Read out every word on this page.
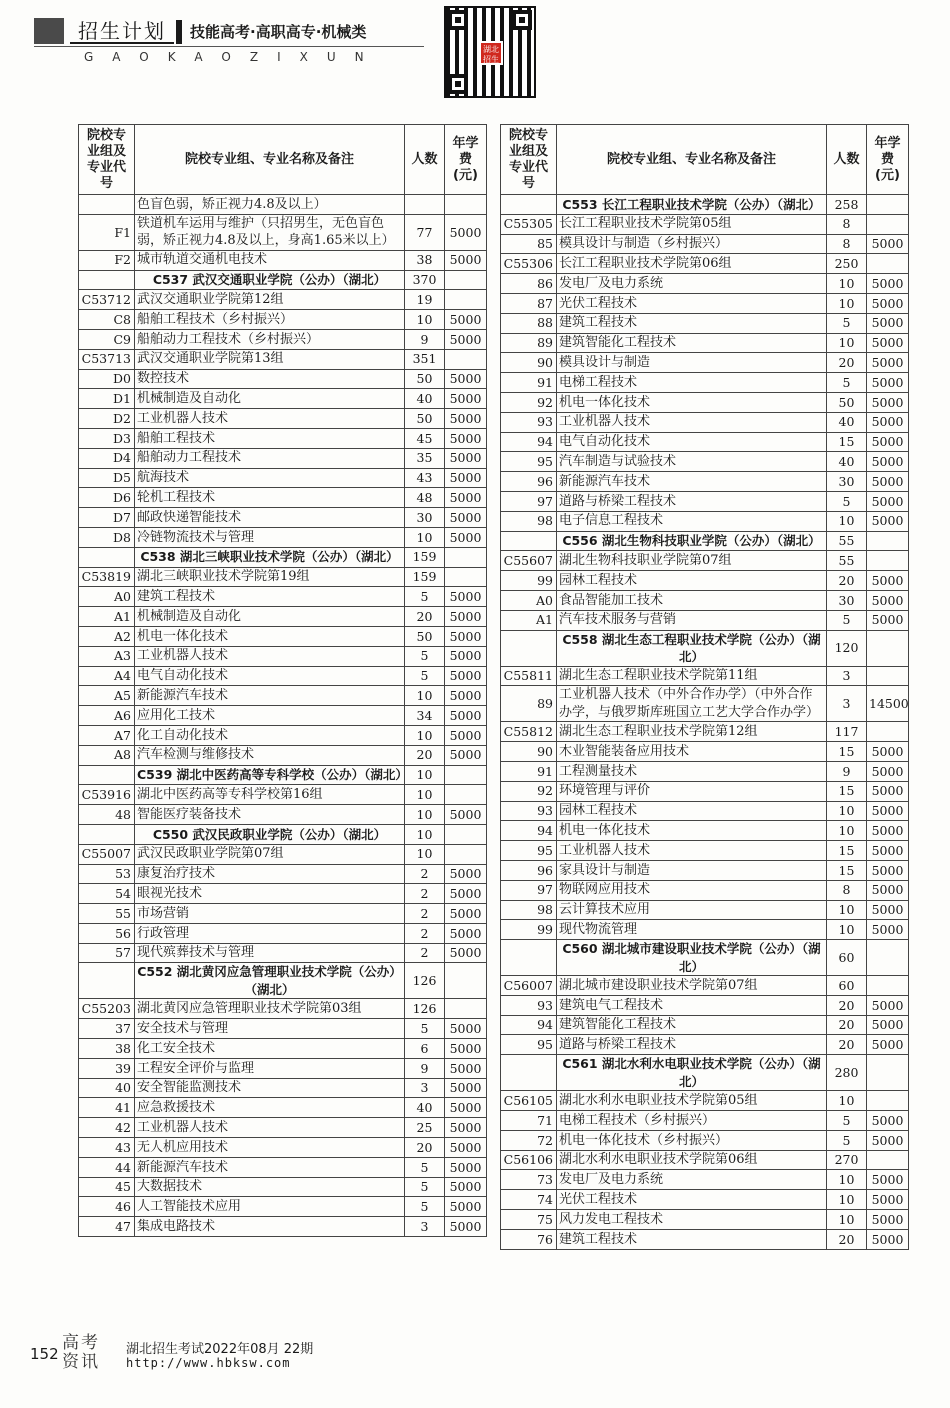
招生计划	技能高考·高职高专·机械类
GAOKAOZIXUN
湖北 招生
院校专业组及专业代号	院校专业组、专业名称及备注	人数	年学费(元)
	色盲色弱，矫正视力4.8及以上）		
F1	铁道机车运用与维护（只招男生，无色盲色弱，矫正视力4.8及以上，身高1.65米以上）	77	5000
F2	城市轨道交通机电技术	38	5000
	C537 武汉交通职业学院（公办）（湖北）	370	
C53712	武汉交通职业学院第12组	19	
C8	船舶工程技术（乡村振兴）	10	5000
C9	船舶动力工程技术（乡村振兴）	9	5000
C53713	武汉交通职业学院第13组	351	
D0	数控技术	50	5000
D1	机械制造及自动化	40	5000
D2	工业机器人技术	50	5000
D3	船舶工程技术	45	5000
D4	船舶动力工程技术	35	5000
D5	航海技术	43	5000
D6	轮机工程技术	48	5000
D7	邮政快递智能技术	30	5000
D8	冷链物流技术与管理	10	5000
	C538 湖北三峡职业技术学院（公办）（湖北）	159	
C53819	湖北三峡职业技术学院第19组	159	
A0	建筑工程技术	5	5000
A1	机械制造及自动化	20	5000
A2	机电一体化技术	50	5000
A3	工业机器人技术	5	5000
A4	电气自动化技术	5	5000
A5	新能源汽车技术	10	5000
A6	应用化工技术	34	5000
A7	化工自动化技术	10	5000
A8	汽车检测与维修技术	20	5000
	C539 湖北中医药高等专科学校（公办）（湖北）	10	
C53916	湖北中医药高等专科学校第16组	10	
48	智能医疗装备技术	10	5000
	C550 武汉民政职业学院（公办）（湖北）	10	
C55007	武汉民政职业学院第07组	10	
53	康复治疗技术	2	5000
54	眼视光技术	2	5000
55	市场营销	2	5000
56	行政管理	2	5000
57	现代殡葬技术与管理	2	5000
	C552 湖北黄冈应急管理职业技术学院（公办）（湖北）	126	
C55203	湖北黄冈应急管理职业技术学院第03组	126	
37	安全技术与管理	5	5000
38	化工安全技术	6	5000
39	工程安全评价与监理	9	5000
40	安全智能监测技术	3	5000
41	应急救援技术	40	5000
42	工业机器人技术	25	5000
43	无人机应用技术	20	5000
44	新能源汽车技术	5	5000
45	大数据技术	5	5000
46	人工智能技术应用	5	5000
47	集成电路技术	3	5000
院校专业组及专业代号	院校专业组、专业名称及备注	人数	年学费(元)
	C553 长江工程职业技术学院（公办）（湖北）	258	
C55305	长江工程职业技术学院第05组	8	
85	模具设计与制造（乡村振兴）	8	5000
C55306	长江工程职业技术学院第06组	250	
86	发电厂及电力系统	10	5000
87	光伏工程技术	10	5000
88	建筑工程技术	5	5000
89	建筑智能化工程技术	10	5000
90	模具设计与制造	20	5000
91	电梯工程技术	5	5000
92	机电一体化技术	50	5000
93	工业机器人技术	40	5000
94	电气自动化技术	15	5000
95	汽车制造与试验技术	40	5000
96	新能源汽车技术	30	5000
97	道路与桥梁工程技术	5	5000
98	电子信息工程技术	10	5000
	C556 湖北生物科技职业学院（公办）（湖北）	55	
C55607	湖北生物科技职业学院第07组	55	
99	园林工程技术	20	5000
A0	食品智能加工技术	30	5000
A1	汽车技术服务与营销	5	5000
	C558 湖北生态工程职业技术学院（公办）（湖北）	120	
C55811	湖北生态工程职业技术学院第11组	3	
89	工业机器人技术（中外合作办学）（中外合作办学，与俄罗斯库班国立工艺大学合作办学）	3	14500
C55812	湖北生态工程职业技术学院第12组	117	
90	木业智能装备应用技术	15	5000
91	工程测量技术	9	5000
92	环境管理与评价	15	5000
93	园林工程技术	10	5000
94	机电一体化技术	10	5000
95	工业机器人技术	15	5000
96	家具设计与制造	15	5000
97	物联网应用技术	8	5000
98	云计算技术应用	10	5000
99	现代物流管理	10	5000
	C560 湖北城市建设职业技术学院（公办）（湖北）	60	
C56007	湖北城市建设职业技术学院第07组	60	
93	建筑电气工程技术	20	5000
94	建筑智能化工程技术	20	5000
95	道路与桥梁工程技术	20	5000
	C561 湖北水利水电职业技术学院（公办）（湖北）	280	
C56105	湖北水利水电职业技术学院第05组	10	
71	电梯工程技术（乡村振兴）	5	5000
72	机电一体化技术（乡村振兴）	5	5000
C56106	湖北水利水电职业技术学院第06组	270	
73	发电厂及电力系统	10	5000
74	光伏工程技术	10	5000
75	风力发电工程技术	10	5000
76	建筑工程技术	20	5000
152
高考资讯
湖北招生考试2022年08月 22期
http://www.hbksw.com
